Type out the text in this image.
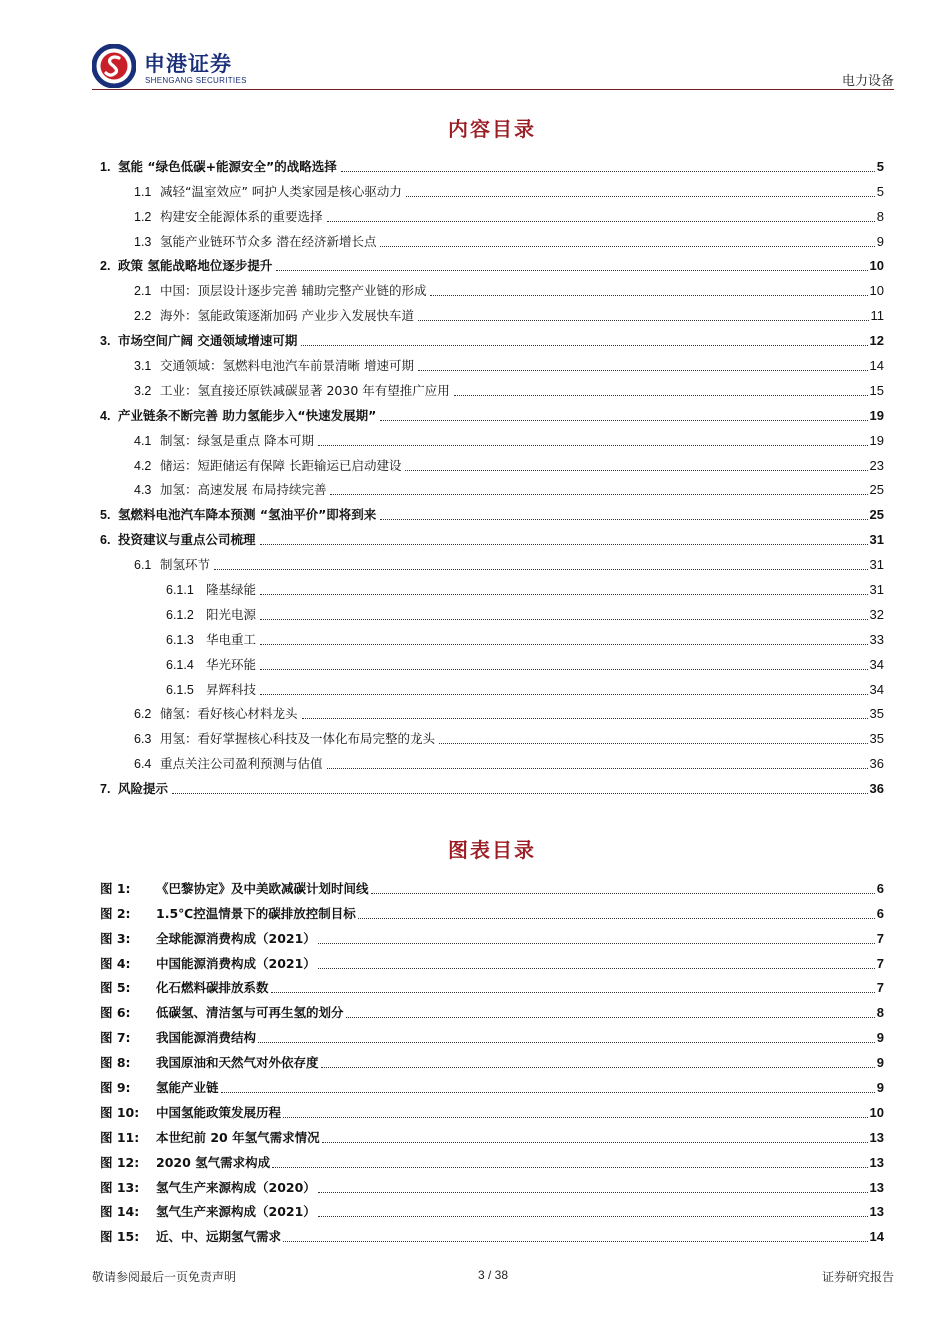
申港证券
SHENGANG SECURITIES	电力设备
内容目录
1. 氢能 “绿色低碳+能源安全”的战略选择	5
1.1 减轻“温室效应” 呵护人类家园是核心驱动力	5
1.2 构建安全能源体系的重要选择	8
1.3 氢能产业链环节众多 潜在经济新增长点	9
2. 政策 氢能战略地位逐步提升	10
2.1 中国：顶层设计逐步完善 辅助完整产业链的形成	10
2.2 海外：氢能政策逐渐加码 产业步入发展快车道	11
3. 市场空间广阔 交通领域增速可期	12
3.1 交通领域：氢燃料电池汽车前景清晰 增速可期	14
3.2 工业：氢直接还原铁减碳显著 2030 年有望推广应用	15
4. 产业链条不断完善 助力氢能步入“快速发展期”	19
4.1 制氢：绿氢是重点 降本可期	19
4.2 储运：短距储运有保障 长距输运已启动建设	23
4.3 加氢：高速发展 布局持续完善	25
5. 氢燃料电池汽车降本预测 “氢油平价”即将到来	25
6. 投资建议与重点公司梳理	31
6.1 制氢环节	31
6.1.1 隆基绿能	31
6.1.2 阳光电源	32
6.1.3 华电重工	33
6.1.4 华光环能	34
6.1.5 昇辉科技	34
6.2 储氢：看好核心材料龙头	35
6.3 用氢：看好掌握核心科技及一体化布局完整的龙头	35
6.4 重点关注公司盈利预测与估值	36
7. 风险提示	36
图表目录
图 1:	《巴黎协定》及中美欧减碳计划时间线	6
图 2:	1.5℃控温情景下的碳排放控制目标	6
图 3:	全球能源消费构成（2021）	7
图 4:	中国能源消费构成（2021）	7
图 5:	化石燃料碳排放系数	7
图 6:	低碳氢、清洁氢与可再生氢的划分	8
图 7:	我国能源消费结构	9
图 8:	我国原油和天然气对外依存度	9
图 9:	氢能产业链	9
图 10:	中国氢能政策发展历程	10
图 11:	本世纪前 20 年氢气需求情况	13
图 12:	2020 氢气需求构成	13
图 13:	氢气生产来源构成（2020）	13
图 14:	氢气生产来源构成（2021）	13
图 15:	近、中、远期氢气需求	14
敬请参阅最后一页免责声明	3 / 38	证券研究报告
